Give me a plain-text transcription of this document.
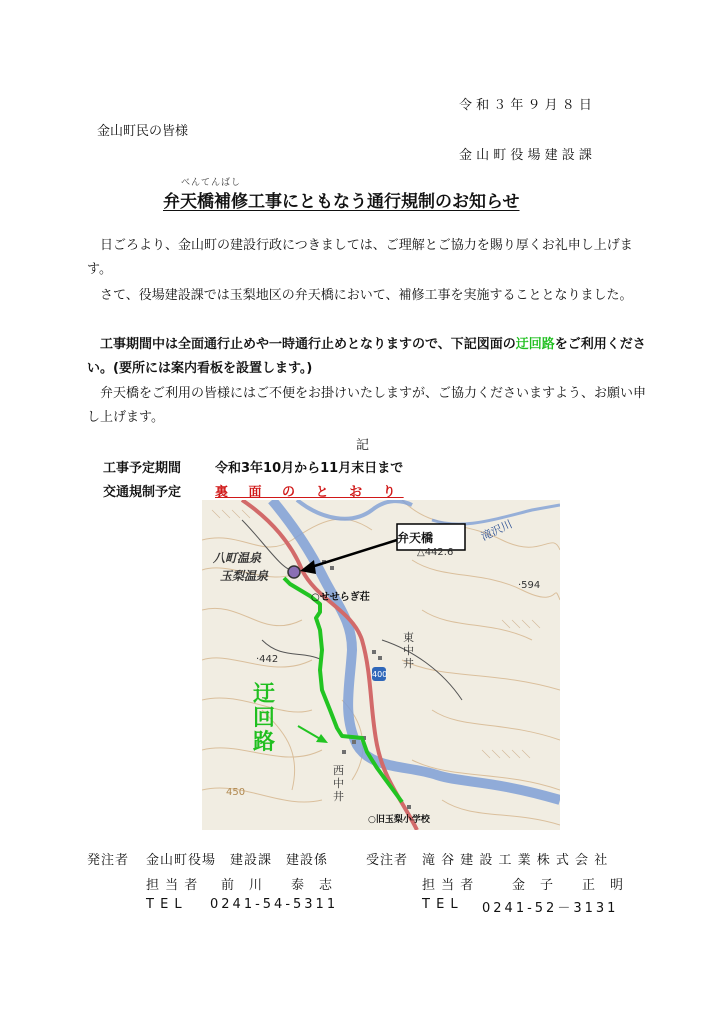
令 和 ３ 年 ９ 月 ８ 日
金山町民の皆様
金 山 町 役 場 建 設 課
べんてんばし
弁天橋補修工事にともなう通行規制のお知らせ
　日ごろより、金山町の建設行政につきましては、ご理解とご協力を賜り厚くお礼申し上げます。
　さて、役場建設課では玉梨地区の弁天橋において、補修工事を実施することとなりました。
　工事期間中は全面通行止めや一時通行止めとなりますので、下記図面の迂回路をご利用ください。(要所には案内看板を設置します。)
　弁天橋をご利用の皆様にはご不便をお掛けいたしますが、ご協力くださいますよう、お願い申し上げます。
記
工事予定期間	令和3年10月から11月末日まで
交通規制予定	裏 面 の と お り
弁天橋
八町温泉
玉梨温泉
○せせらぎ荘
△442.6
·594
·442
450
400
滝沢川
東
中
井
西
中
井
○旧玉梨小学校
迂
回
路
発注者 金山町役場　建設課　建設係
担 当 者 前　川　　泰　志
T E L 0241-54-5311
受注者 滝 谷 建 設 工 業 株 式 会 社
担 当 者	金　子　　正　明
T E L 0241-52－3131
